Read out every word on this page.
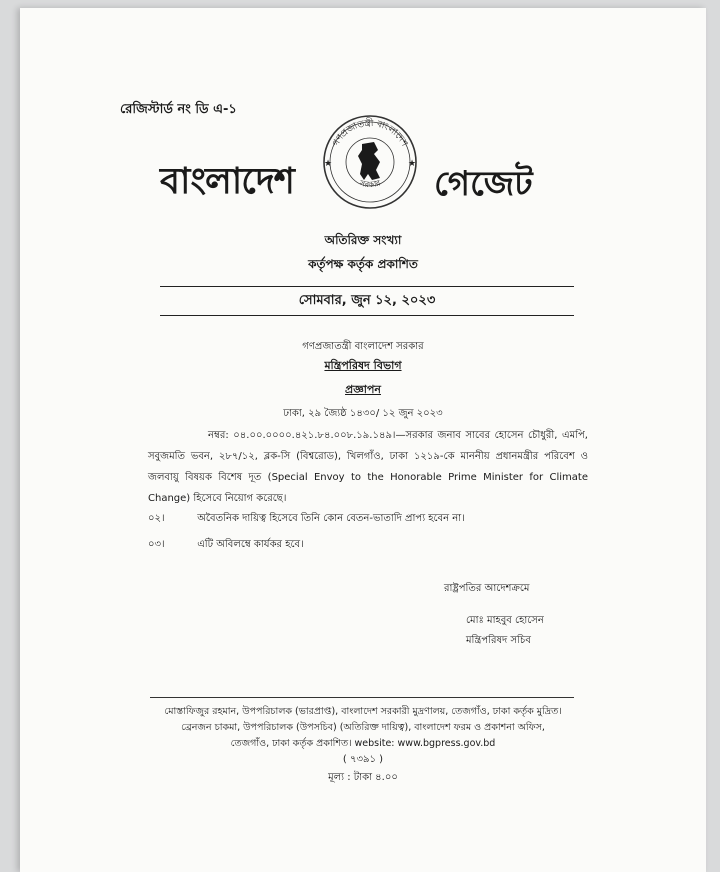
রেজিস্টার্ড নং ডি এ-১
বাংলাদেশ
গণপ্রজাতন্ত্রী বাংলাদেশ
সরকার
★	★ গেজেট
অতিরিক্ত সংখ্যা
কর্তৃপক্ষ কর্তৃক প্রকাশিত
সোমবার, জুন ১২, ২০২৩
গণপ্রজাতন্ত্রী বাংলাদেশ সরকার
মন্ত্রিপরিষদ বিভাগ
প্রজ্ঞাপন
ঢাকা, ২৯ জ্যৈষ্ঠ ১৪৩০/ ১২ জুন ২০২৩
নম্বর: ০৪.০০.০০০০.৪২১.৮৪.০০৮.১৯.১৪৯।—সরকার জনাব সাবের হোসেন চৌধুরী, এমপি, সবুজমতি ভবন, ২৮৭/১২, ব্লক-সি (বিশ্বরোড), খিলগাঁও, ঢাকা ১২১৯-কে মাননীয় প্রধানমন্ত্রীর পরিবেশ ও জলবায়ু বিষয়ক বিশেষ দূত (Special Envoy to the Honorable Prime Minister for Climate Change) হিসেবে নিয়োগ করেছে।
০২।	অবৈতনিক দায়িত্ব হিসেবে তিনি কোন বেতন-ভাতাদি প্রাপ্য হবেন না।
০৩।	এটি অবিলম্বে কার্যকর হবে।
রাষ্ট্রপতির আদেশক্রমে
মোঃ মাহবুব হোসেন
মন্ত্রিপরিষদ সচিব
মোস্তাফিজুর রহমান, উপপরিচালক (ভারপ্রাপ্ত), বাংলাদেশ সরকারী মুদ্রণালয়, তেজগাঁও, ঢাকা কর্তৃক মুদ্রিত।
ব্রেনজন চাকমা, উপপরিচালক (উপসচিব) (অতিরিক্ত দায়িত্ব), বাংলাদেশ ফরম ও প্রকাশনা অফিস,
তেজগাঁও, ঢাকা কর্তৃক প্রকাশিত। website: www.bgpress.gov.bd
( ৭৩৯১ )
মূল্য : টাকা ৪.০০
